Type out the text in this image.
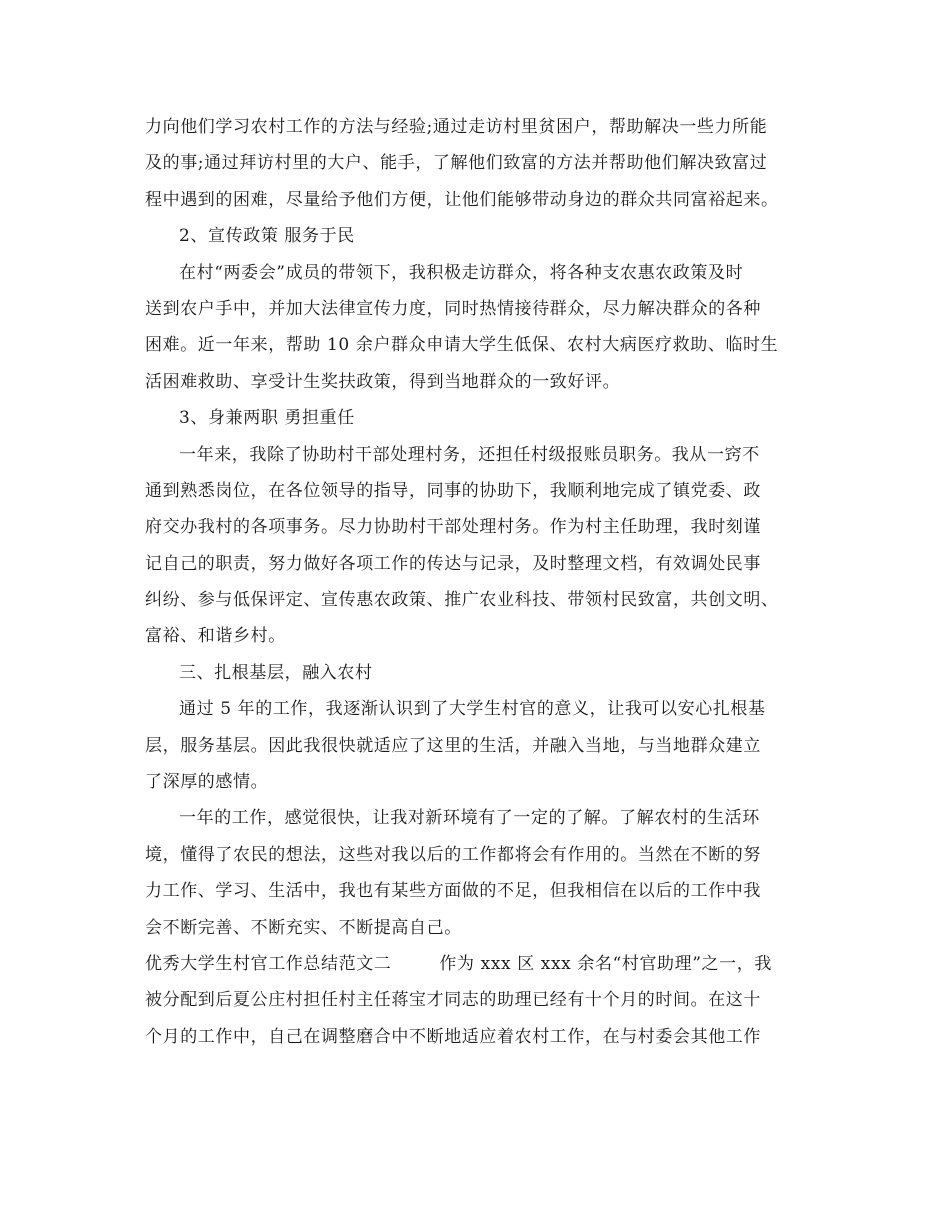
力向他们学习农村工作的方法与经验;通过走访村里贫困户，帮助解决一些力所能
及的事;通过拜访村里的大户、能手，了解他们致富的方法并帮助他们解决致富过
程中遇到的困难，尽量给予他们方便，让他们能够带动身边的群众共同富裕起来。
2、宣传政策 服务于民
在村“两委会”成员的带领下，我积极走访群众，将各种支农惠农政策及时
送到农户手中，并加大法律宣传力度，同时热情接待群众，尽力解决群众的各种
困难。近一年来，帮助 10 余户群众申请大学生低保、农村大病医疗救助、临时生
活困难救助、享受计生奖扶政策，得到当地群众的一致好评。
3、身兼两职 勇担重任
一年来，我除了协助村干部处理村务，还担任村级报账员职务。我从一窍不
通到熟悉岗位，在各位领导的指导，同事的协助下，我顺利地完成了镇党委、政
府交办我村的各项事务。尽力协助村干部处理村务。作为村主任助理，我时刻谨
记自己的职责，努力做好各项工作的传达与记录，及时整理文档，有效调处民事
纠纷、参与低保评定、宣传惠农政策、推广农业科技、带领村民致富，共创文明、
富裕、和谐乡村。
三、扎根基层，融入农村
通过 5 年的工作，我逐渐认识到了大学生村官的意义，让我可以安心扎根基
层，服务基层。因此我很快就适应了这里的生活，并融入当地，与当地群众建立
了深厚的感情。
一年的工作，感觉很快，让我对新环境有了一定的了解。了解农村的生活环
境，懂得了农民的想法，这些对我以后的工作都将会有作用的。当然在不断的努
力工作、学习、生活中，我也有某些方面做的不足，但我相信在以后的工作中我
会不断完善、不断充实、不断提高自己。
优秀大学生村官工作总结范文二        作为 xxx 区 xxx 余名“村官助理”之一，我
被分配到后夏公庄村担任村主任蒋宝才同志的助理已经有十个月的时间。在这十
个月的工作中，自己在调整磨合中不断地适应着农村工作，在与村委会其他工作
